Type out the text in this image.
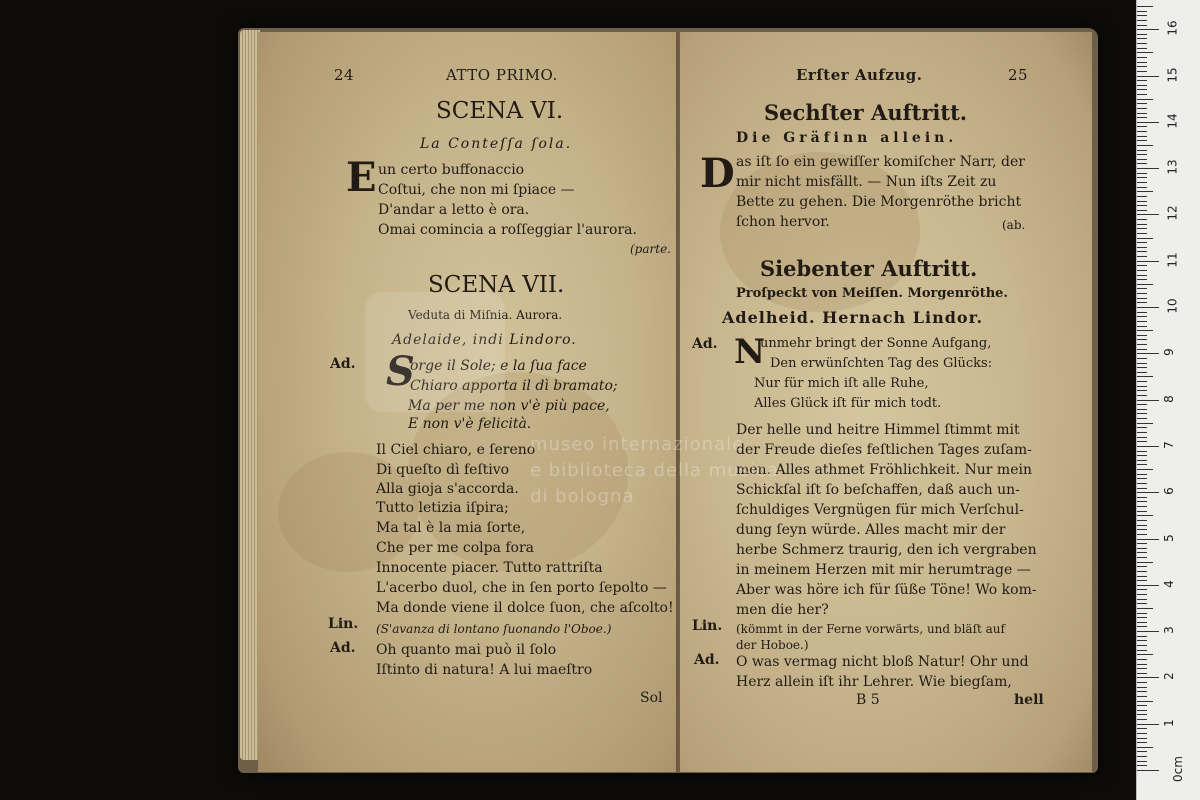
24	ATTO PRIMO.
SCENA VI.
La Conteſſa ſola.
E un certo buffonaccio
Coſtui, che non mi ſpiace —
D'andar a letto è ora.
Omai comincia a roſſeggiar l'aurora.
(parte.
SCENA VII.
Veduta di Miſnia. Aurora.
Adelaide, indi Lindoro.
Ad. S
orge il Sole; e la ſua face
Chiaro apporta il dì bramato;
Ma per me non v'è più pace,
E non v'è felicità.
Il Ciel chiaro, e ſereno
Di queſto dì feſtivo
Alla gioja s'accorda.
Tutto letizia iſpira;
Ma tal è la mia ſorte,
Che per me colpa fora
Innocente piacer. Tutto rattriſta
L'acerbo duol, che in ſen porto ſepolto —
Ma donde viene il dolce ſuon, che aſcolto!
Lin. (S'avanza di lontano ſuonando l'Oboe.)
Ad. Oh quanto mai può il ſolo
Iſtinto di natura! A lui maeſtro
Sol
Erſter Aufzug.	25
Sechſter Auftritt.
Die Gräfinn allein.
D as iſt ſo ein gewiſſer komiſcher Narr, der
mir nicht misfällt. — Nun iſts Zeit zu
Bette zu gehen. Die Morgenröthe bricht
ſchon hervor.	(ab.
Siebenter Auftritt.
Proſpeckt von Meiſſen. Morgenröthe.
Adelheid. Hernach Lindor.
Ad. N
unmehr bringt der Sonne Aufgang,
Den erwünſchten Tag des Glücks:
Nur für mich iſt alle Ruhe,
Alles Glück iſt für mich todt.
Der helle und heitre Himmel ſtimmt mit
der Freude dieſes feſtlichen Tages zuſam-
men. Alles athmet Fröhlichkeit. Nur mein
Schickſal iſt ſo beſchaffen, daß auch un-
ſchuldiges Vergnügen für mich Verſchul-
dung ſeyn würde. Alles macht mir der
herbe Schmerz traurig, den ich vergraben
in meinem Herzen mit mir herumtrage —
Aber was höre ich für ſüße Töne! Wo kom-
men die her?
Lin. (kömmt in der Ferne vorwärts, und bläſt auf
der Hoboe.)
Ad. O was vermag nicht bloß Natur! Ohr und
Herz allein iſt ihr Lehrer. Wie biegſam,
B 5	hell
museo internazionale
e biblioteca della musica
di bologna
0cm
1
2
3
4
5
6
7
8
9
10
11
12
13
14
15
16
